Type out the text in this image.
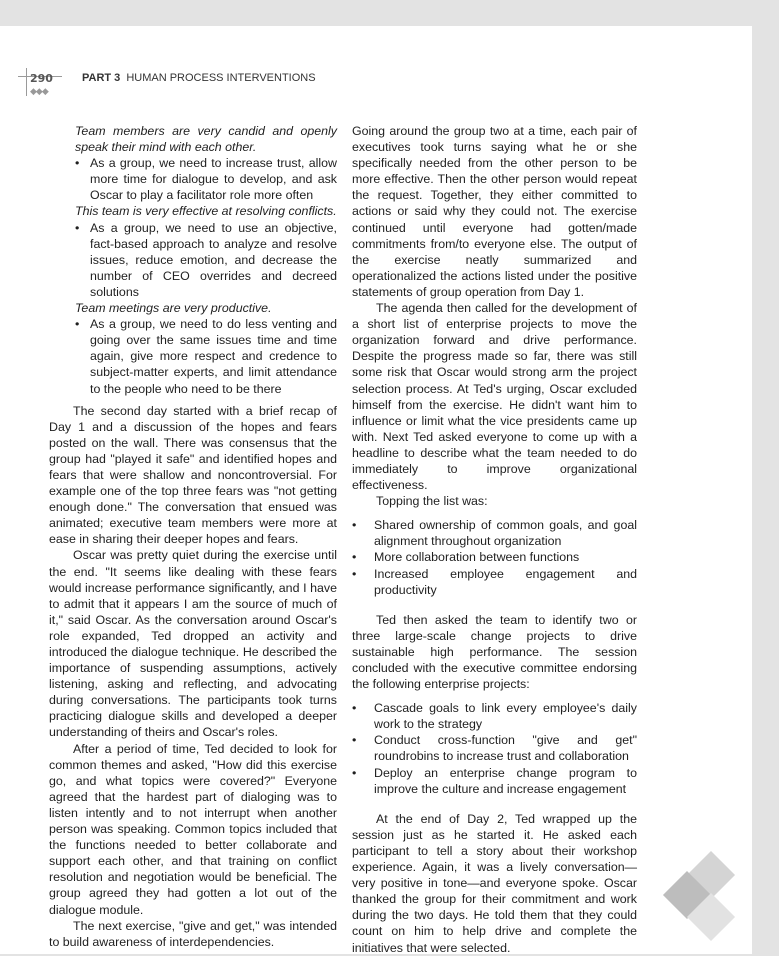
290
◆◆◆
PART 3 HUMAN PROCESS INTERVENTIONS

Team members are very candid and openly speak their mind with each other.

• As a group, we need to increase trust, allow more time for dialogue to develop, and ask Oscar to play a facilitator role more often

This team is very effective at resolving conflicts.

• As a group, we need to use an objective, fact-based approach to analyze and resolve issues, reduce emotion, and decrease the number of CEO overrides and decreed solutions

Team meetings are very productive.

• As a group, we need to do less venting and going over the same issues time and time again, give more respect and credence to subject-matter experts, and limit attendance to the people who need to be there

The second day started with a brief recap of Day 1 and a discussion of the hopes and fears posted on the wall. There was consensus that the group had "played it safe" and identified hopes and fears that were shallow and noncontroversial. For example one of the top three fears was "not getting enough done." The conversation that ensued was animated; executive team members were more at ease in sharing their deeper hopes and fears.

Oscar was pretty quiet during the exercise until the end. "It seems like dealing with these fears would increase performance significantly, and I have to admit that it appears I am the source of much of it," said Oscar. As the conversation around Oscar's role expanded, Ted dropped an activity and introduced the dialogue technique. He described the importance of suspending assumptions, actively listening, asking and reflecting, and advocating during conversations. The participants took turns practicing dialogue skills and developed a deeper understanding of theirs and Oscar's roles.

After a period of time, Ted decided to look for common themes and asked, "How did this exercise go, and what topics were covered?" Everyone agreed that the hardest part of dialoging was to listen intently and to not interrupt when another person was speaking. Common topics included that the functions needed to better collaborate and support each other, and that training on conflict resolution and negotiation would be beneficial. The group agreed they had gotten a lot out of the dialogue module.

The next exercise, "give and get," was intended to build awareness of interdependencies.

Going around the group two at a time, each pair of executives took turns saying what he or she specifically needed from the other person to be more effective. Then the other person would repeat the request. Together, they either committed to actions or said why they could not. The exercise continued until everyone had gotten/made commitments from/to everyone else. The output of the exercise neatly summarized and operationalized the actions listed under the positive statements of group operation from Day 1.

The agenda then called for the development of a short list of enterprise projects to move the organization forward and drive performance. Despite the progress made so far, there was still some risk that Oscar would strong arm the project selection process. At Ted's urging, Oscar excluded himself from the exercise. He didn't want him to influence or limit what the vice presidents came up with. Next Ted asked everyone to come up with a headline to describe what the team needed to do immediately to improve organizational effectiveness.

Topping the list was:

• Shared ownership of common goals, and goal alignment throughout organization
• More collaboration between functions
• Increased employee engagement and productivity

Ted then asked the team to identify two or three large-scale change projects to drive sustainable high performance. The session concluded with the executive committee endorsing the following enterprise projects:

• Cascade goals to link every employee's daily work to the strategy
• Conduct cross-function "give and get" roundrobins to increase trust and collaboration
• Deploy an enterprise change program to improve the culture and increase engagement

At the end of Day 2, Ted wrapped up the session just as he started it. He asked each participant to tell a story about their workshop experience. Again, it was a lively conversation—very positive in tone—and everyone spoke. Oscar thanked the group for their commitment and work during the two days. He told them that they could count on him to help drive and complete the initiatives that were selected.
